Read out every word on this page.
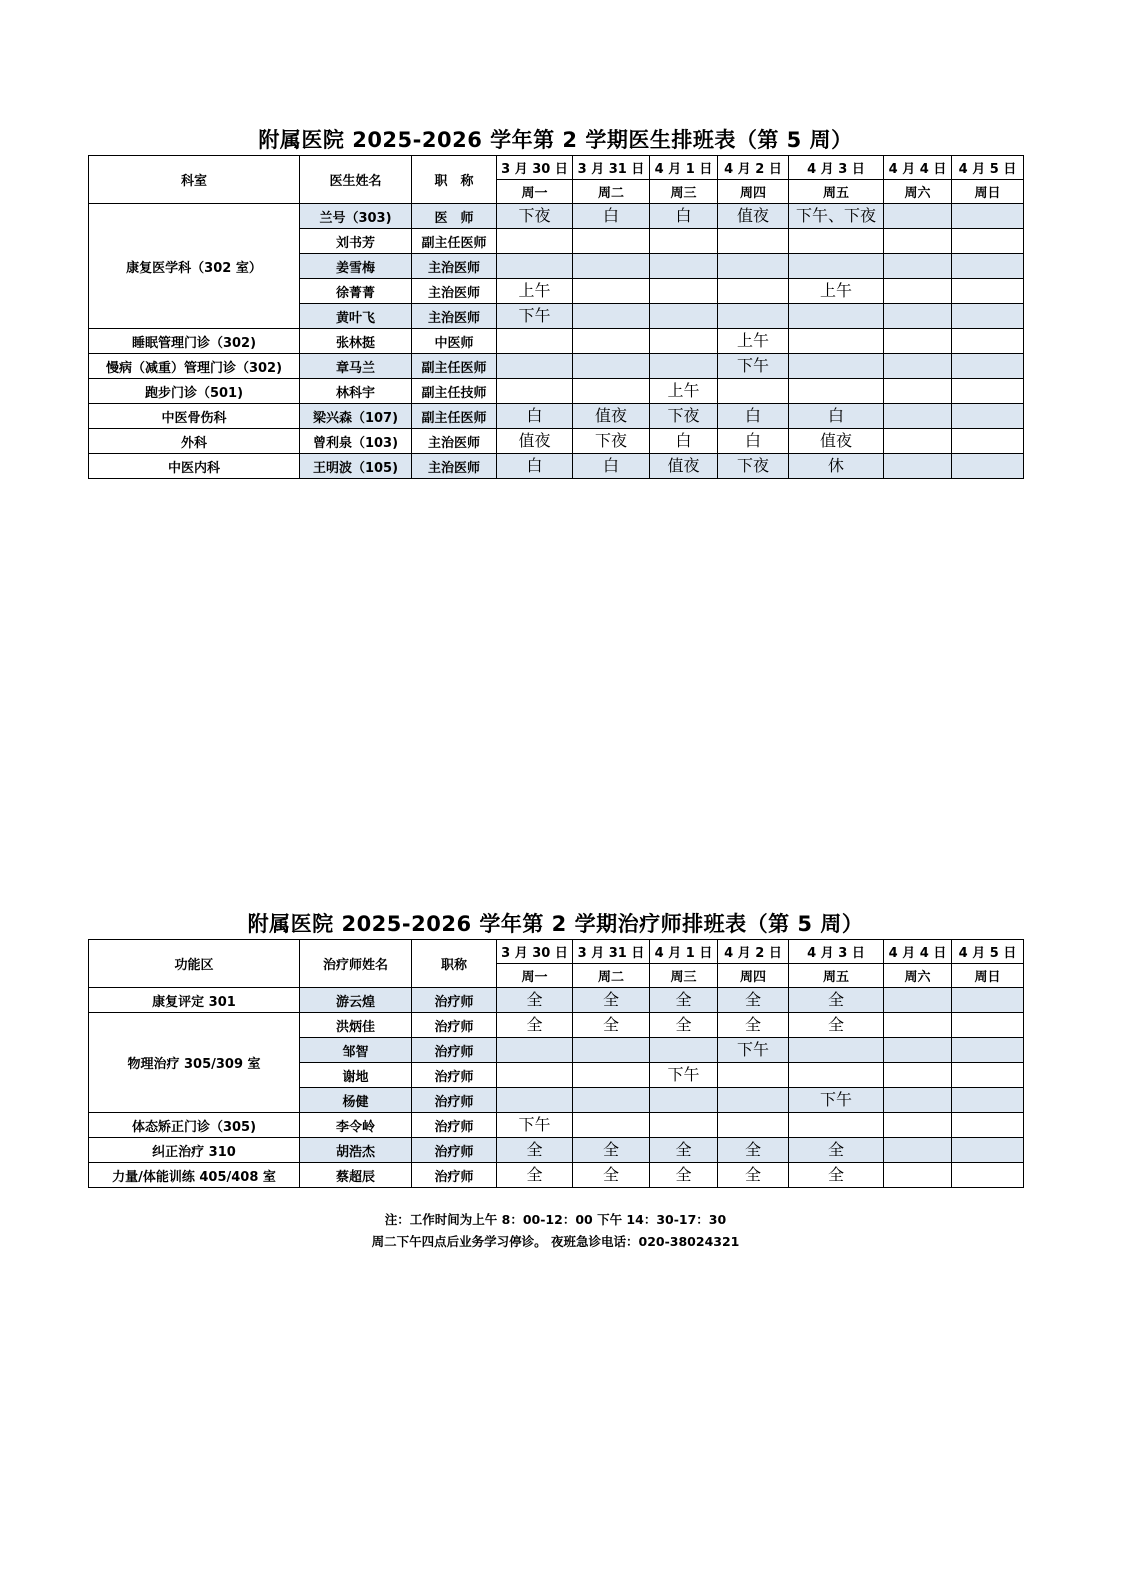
附属医院 2025-2026 学年第 2 学期医生排班表（第 5 周）
科室	医生姓名	职　称	3 月 30 日	3 月 31 日	4 月 1 日	4 月 2 日	4 月 3 日	4 月 4 日	4 月 5 日
			周一	周二	周三	周四	周五	周六	周日
康复医学科（302 室）	兰号（303)	医　师	下夜	白	白	值夜	下午、下夜		
	刘书芳	副主任医师							
	姜雪梅	主治医师							
	徐菁菁	主治医师	上午				上午		
	黄叶飞	主治医师	下午						
睡眠管理门诊（302)	张林挺	中医师				上午			
慢病（减重）管理门诊（302)	章马兰	副主任医师				下午			
跑步门诊（501)	林科宇	副主任技师			上午				
中医骨伤科	梁兴森（107)	副主任医师	白	值夜	下夜	白	白		
外科	曾利泉（103)	主治医师	值夜	下夜	白	白	值夜		
中医内科	王明波（105)	主治医师	白	白	值夜	下夜	休		
附属医院 2025-2026 学年第 2 学期治疗师排班表（第 5 周）
功能区	治疗师姓名	职称	3 月 30 日	3 月 31 日	4 月 1 日	4 月 2 日	4 月 3 日	4 月 4 日	4 月 5 日
			周一	周二	周三	周四	周五	周六	周日
康复评定 301	游云煌	治疗师	全	全	全	全	全		
物理治疗 305/309 室	洪炳佳	治疗师	全	全	全	全	全		
	邹智	治疗师				下午			
	谢地	治疗师			下午				
	杨健	治疗师					下午		
体态矫正门诊（305)	李令岭	治疗师	下午						
纠正治疗 310	胡浩杰	治疗师	全	全	全	全	全		
力量/体能训练 405/408 室	蔡超辰	治疗师	全	全	全	全	全		
注：工作时间为上午 8：00-12：00 下午 14：30-17：30
周二下午四点后业务学习停诊。 夜班急诊电话：020-38024321
